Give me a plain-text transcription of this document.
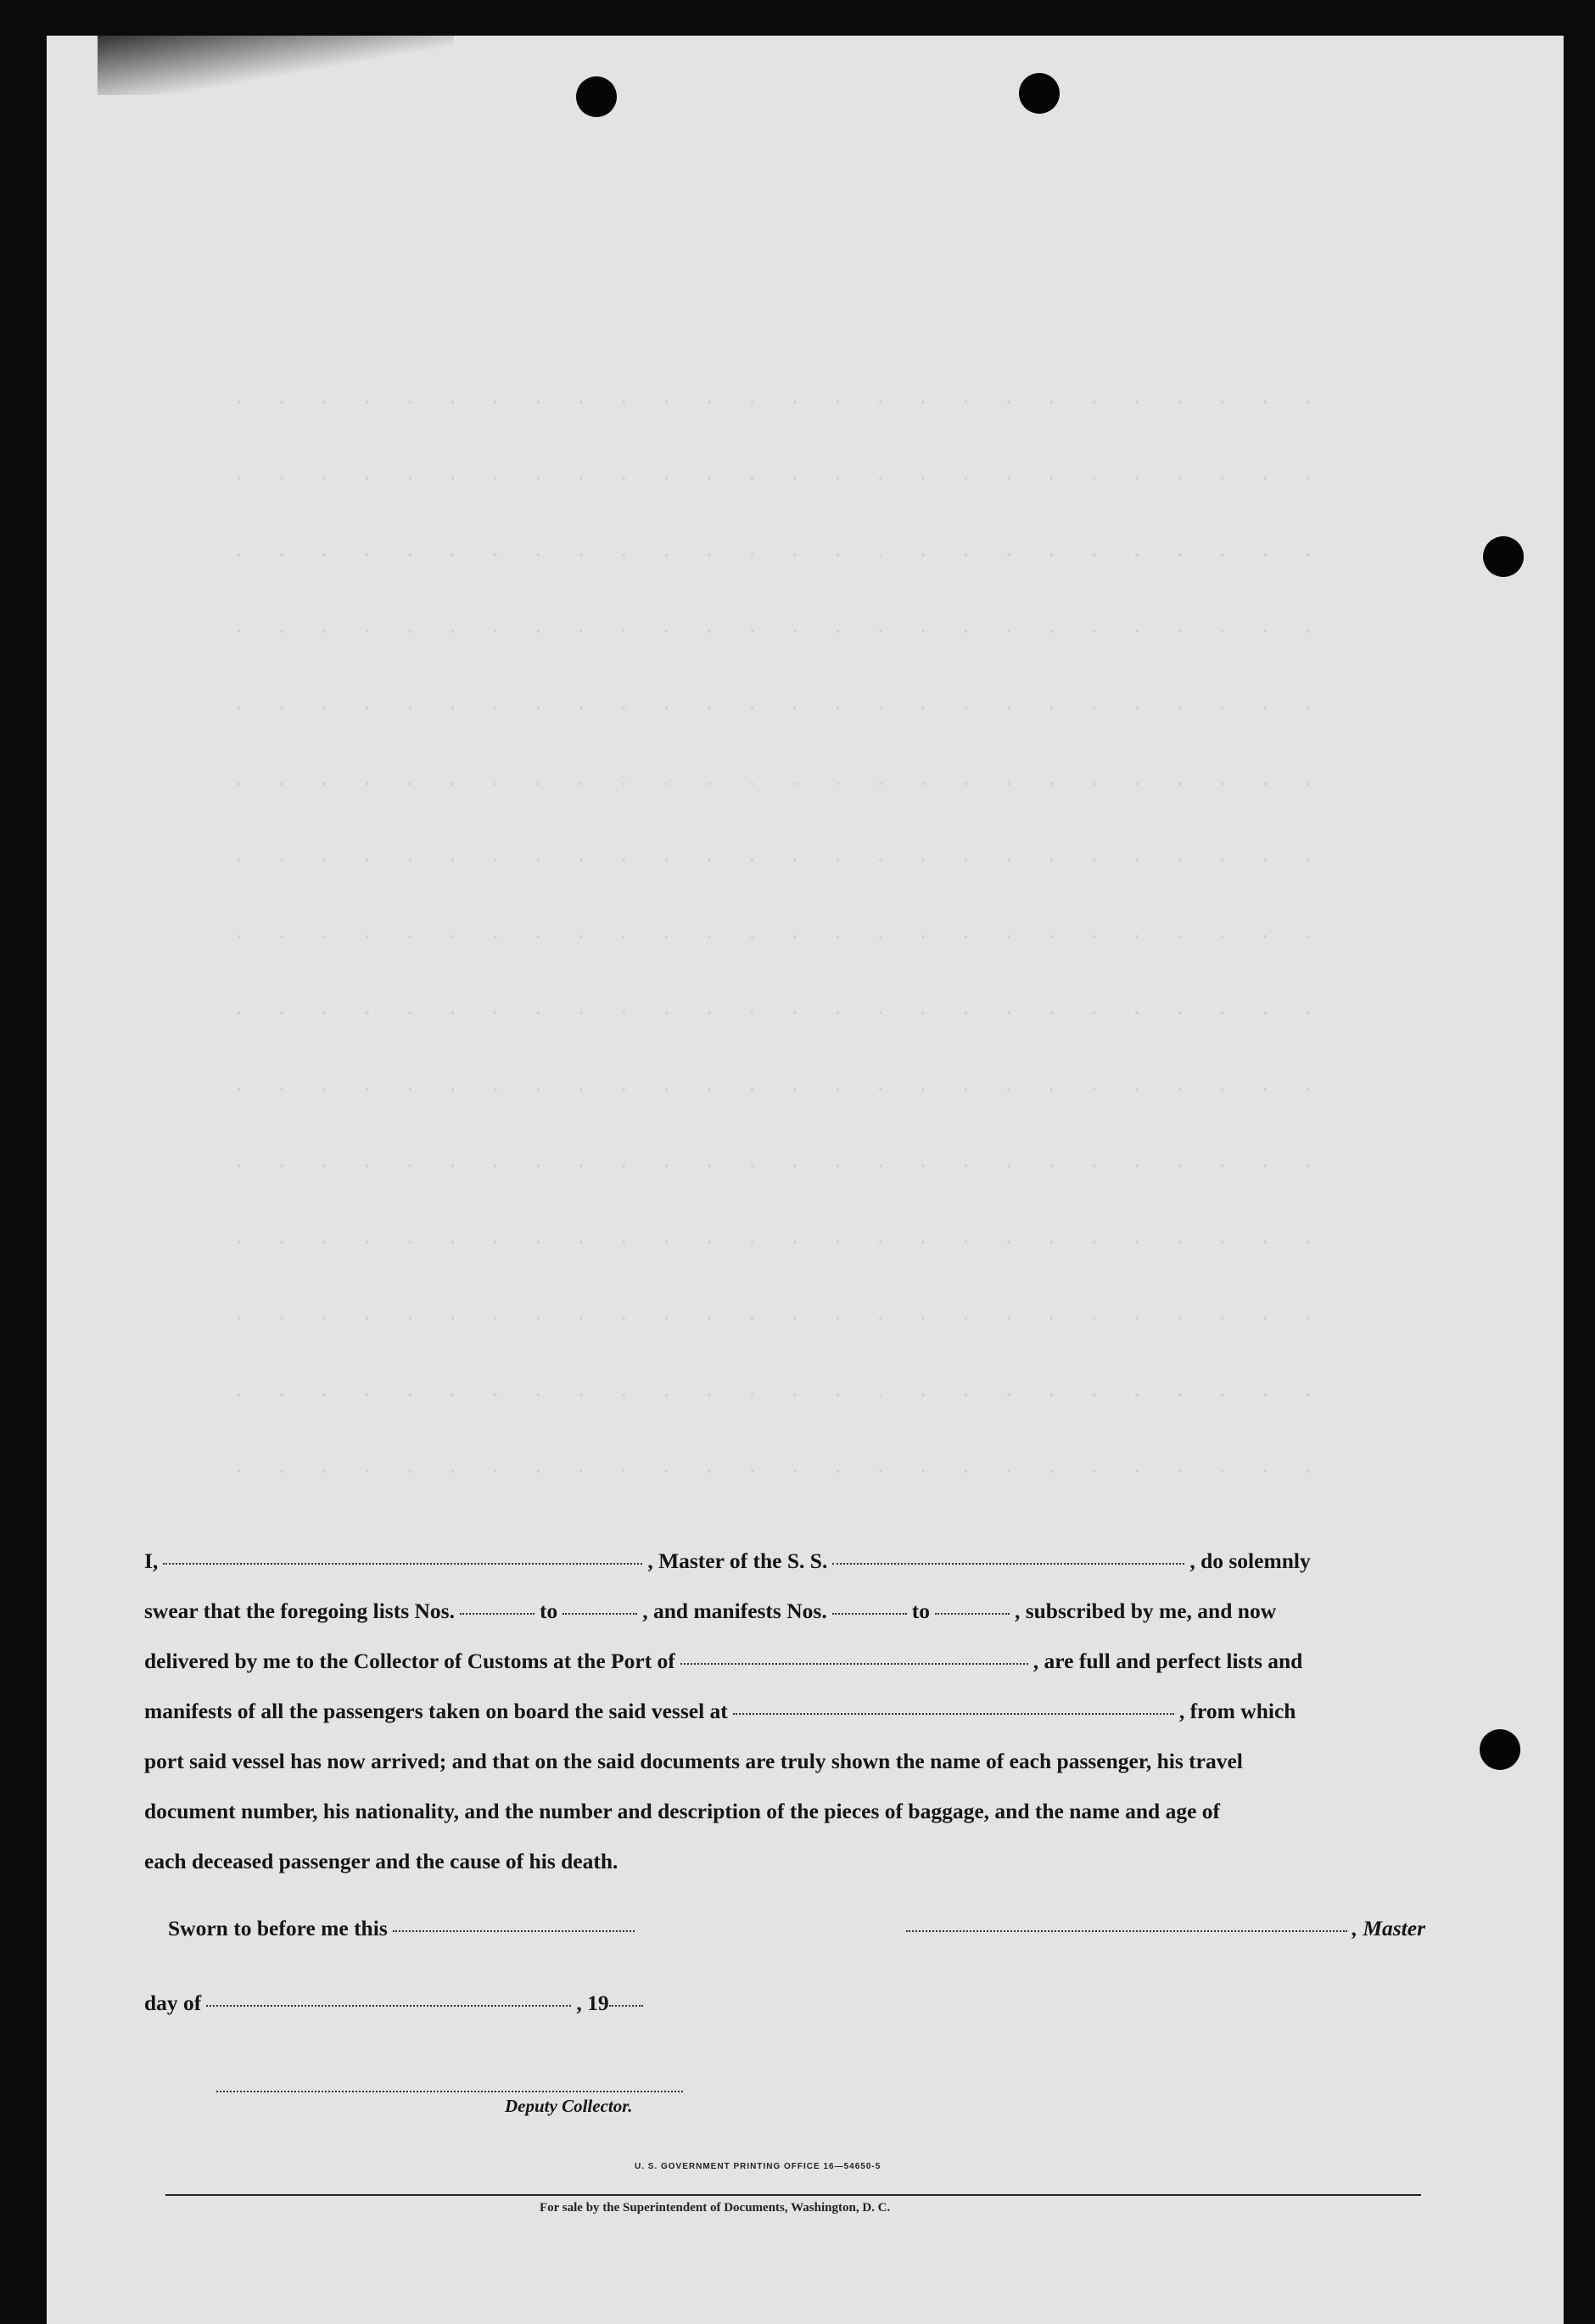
· · · · · · · · · · · · · · · · · · · · · · · · · ·
· · · · · · · · · · · · · · · · · · · · · · · · · ·
· · · · · · · · · · · · · · · · · · · · · · · · · ·
· · · · · · · · · · · · · · · · · · · · · · · · · ·
· · · · · · · · · · · · · · · · · · · · · · · · · ·
· · · · · · · · · · · · · · · · · · · · · · · · · ·
· · · · · · · · · · · · · · · · · · · · · · · · · ·
· · · · · · · · · · · · · · · · · · · · · · · · · ·
· · · · · · · · · · · · · · · · · · · · · · · · · ·
· · · · · · · · · · · · · · · · · · · · · · · · · ·
· · · · · · · · · · · · · · · · · · · · · · · · · ·
· · · · · · · · · · · · · · · · · · · · · · · · · ·
· · · · · · · · · · · · · · · · · · · · · · · · · ·
· · · · · · · · · · · · · · · · · · · · · · · · · ·
· · · · · · · · · · · · · · · · · · · · · · · · · ·
I,	, Master of the S. S.	, do solemnly
swear that the foregoing lists Nos.	to	, and manifests Nos.	to	, subscribed by me, and now
delivered by me to the Collector of Customs at the Port of	, are full and perfect lists and
manifests of all the passengers taken on board the said vessel at	, from which
port said vessel has now arrived; and that on the said documents are truly shown the name of each passenger, his travel
document number, his nationality, and the number and description of the pieces of baggage, and the name and age of
each deceased passenger and the cause of his death.
Sworn to before me this	, Master
day of	, 19
Deputy Collector.
U. S. GOVERNMENT PRINTING OFFICE 16—54650-5
For sale by the Superintendent of Documents, Washington, D. C.
